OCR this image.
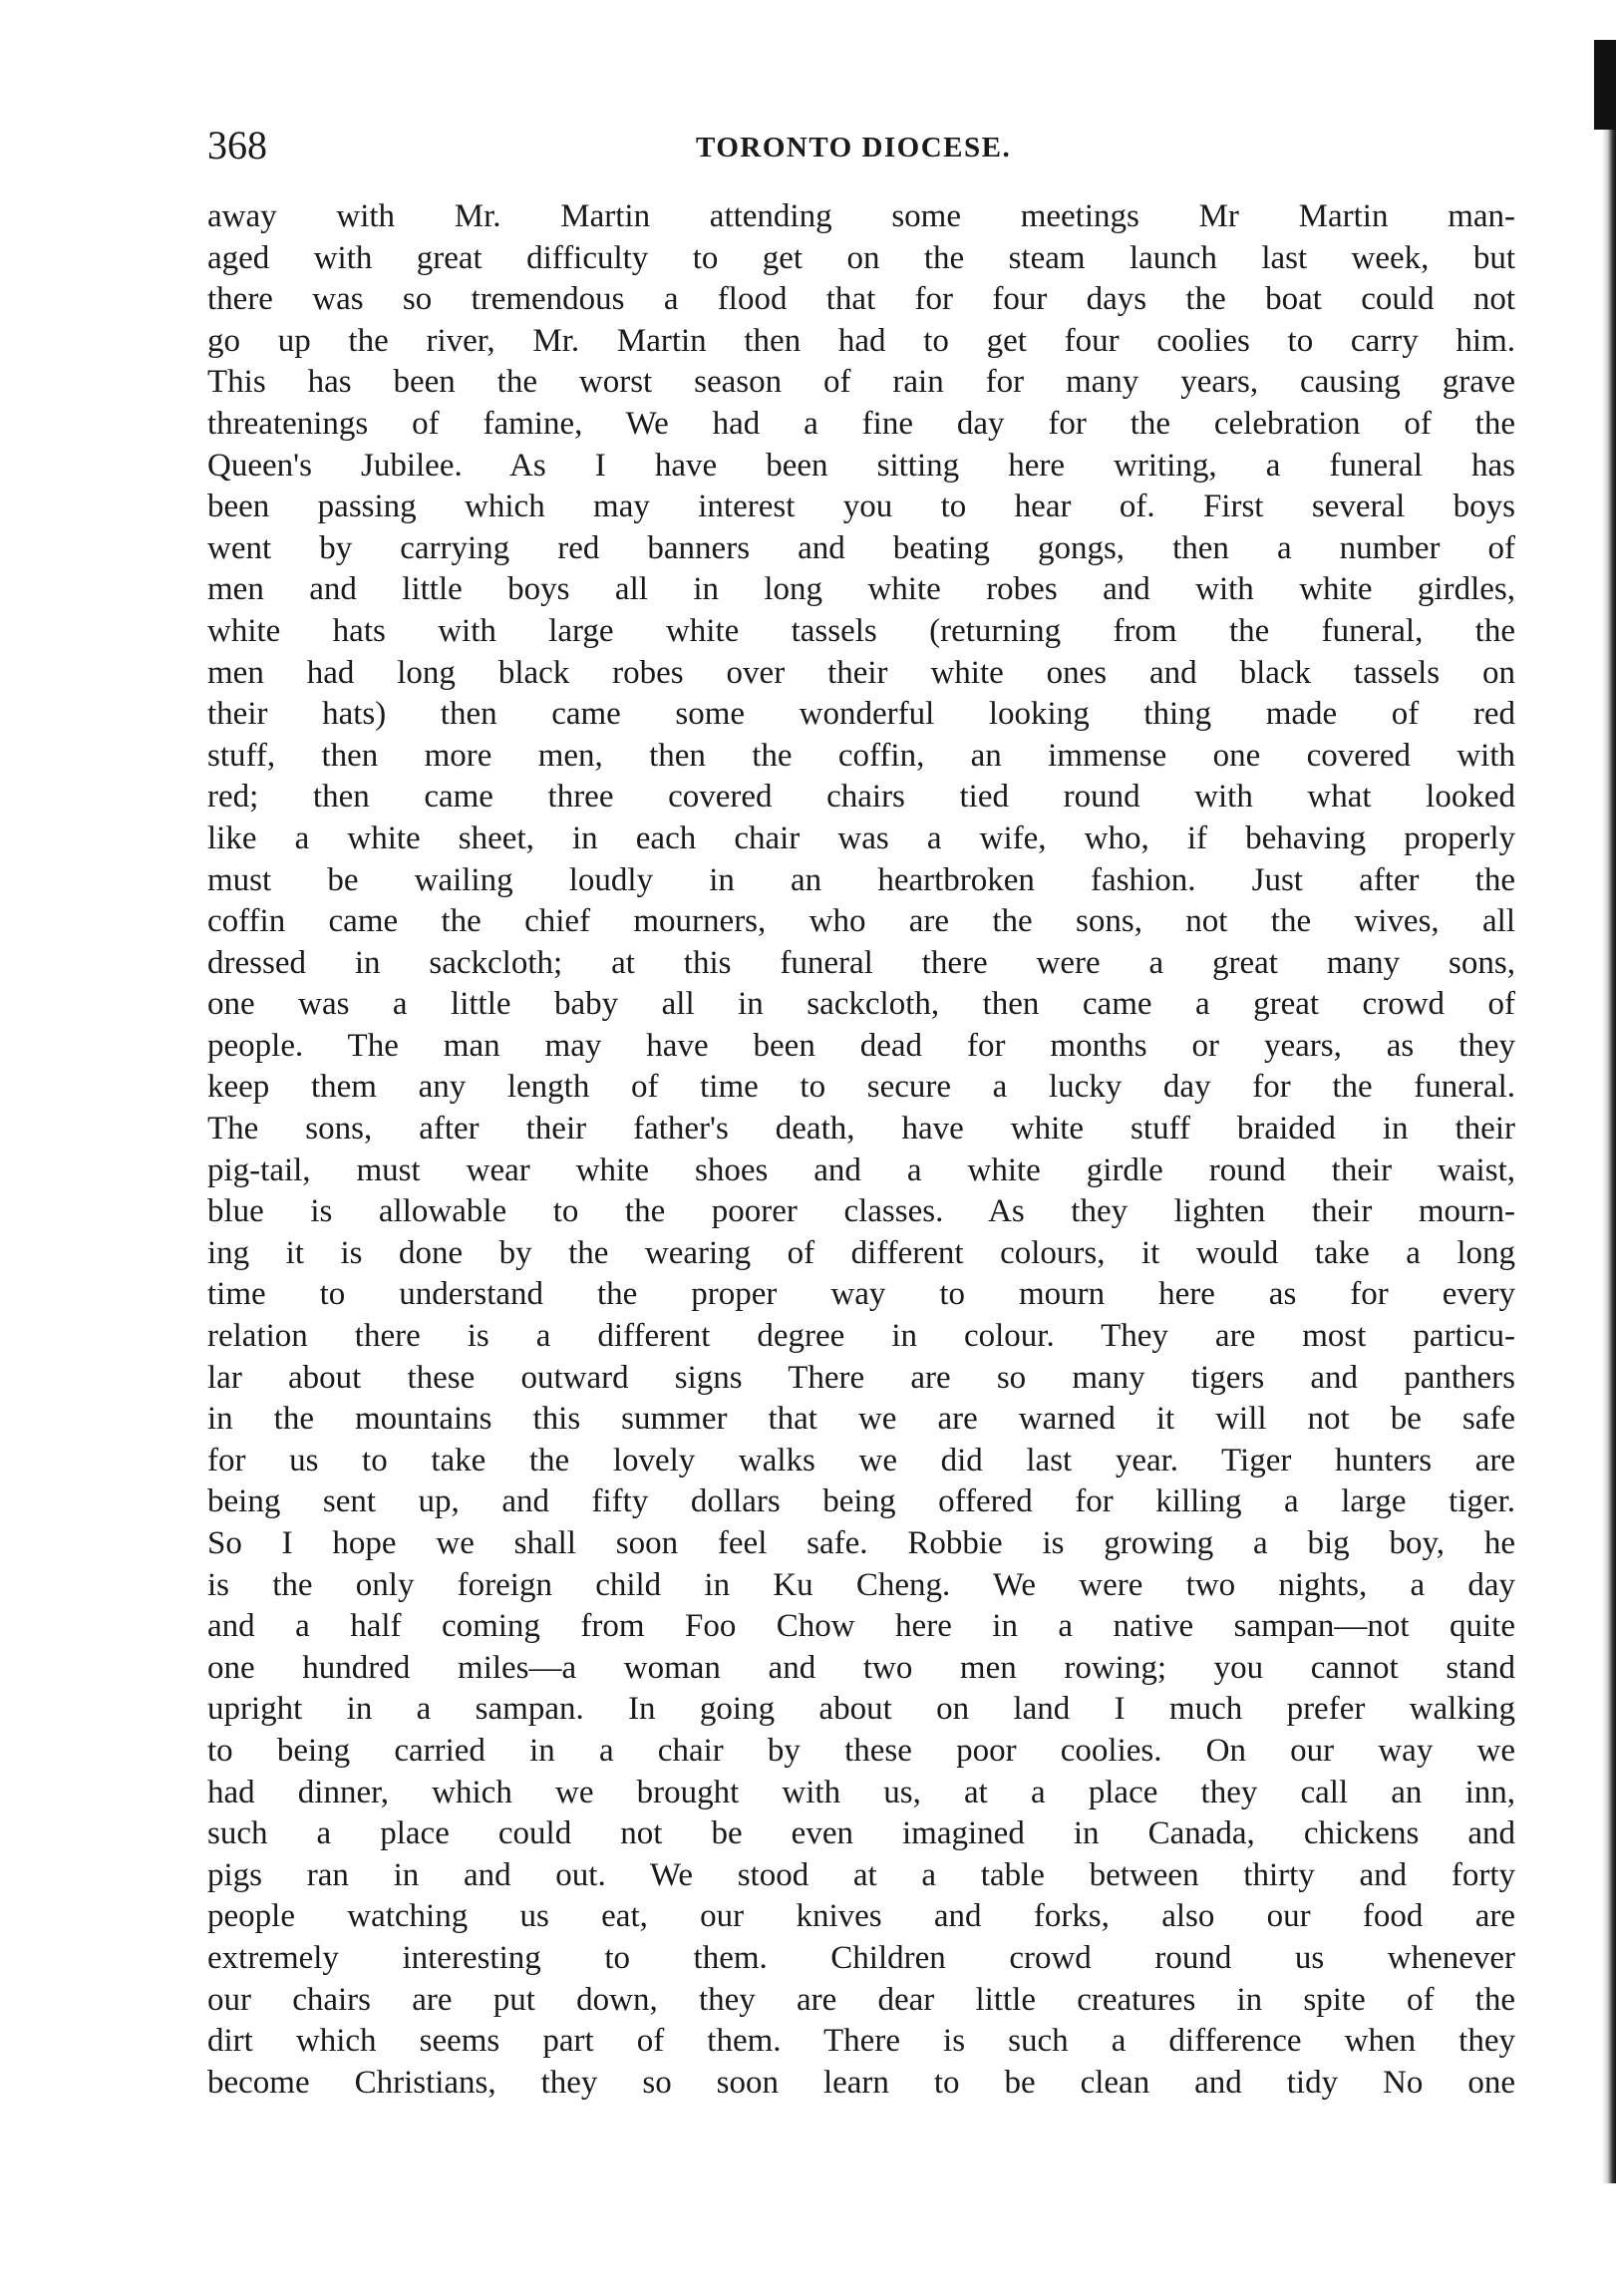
368	TORONTO DIOCESE.
away with Mr. Martin attending some meetings Mr Martin man-
aged with great difficulty to get on the steam launch last week, but
there was so tremendous a flood that for four days the boat could not
go up the river, Mr. Martin then had to get four coolies to carry him.
This has been the worst season of rain for many years, causing grave
threatenings of famine, We had a fine day for the celebration of the
Queen's Jubilee. As I have been sitting here writing, a funeral has
been passing which may interest you to hear of. First several boys
went by carrying red banners and beating gongs, then a number of
men and little boys all in long white robes and with white girdles,
white hats with large white tassels (returning from the funeral, the
men had long black robes over their white ones and black tassels on
their hats) then came some wonderful looking thing made of red
stuff, then more men, then the coffin, an immense one covered with
red; then came three covered chairs tied round with what looked
like a white sheet, in each chair was a wife, who, if behaving properly
must be wailing loudly in an heartbroken fashion. Just after the
coffin came the chief mourners, who are the sons, not the wives, all
dressed in sackcloth; at this funeral there were a great many sons,
one was a little baby all in sackcloth, then came a great crowd of
people. The man may have been dead for months or years, as they
keep them any length of time to secure a lucky day for the funeral.
The sons, after their father's death, have white stuff braided in their
pig-tail, must wear white shoes and a white girdle round their waist,
blue is allowable to the poorer classes. As they lighten their mourn-
ing it is done by the wearing of different colours, it would take a long
time to understand the proper way to mourn here as for every
relation there is a different degree in colour. They are most particu-
lar about these outward signs There are so many tigers and panthers
in the mountains this summer that we are warned it will not be safe
for us to take the lovely walks we did last year. Tiger hunters are
being sent up, and fifty dollars being offered for killing a large tiger.
So I hope we shall soon feel safe. Robbie is growing a big boy, he
is the only foreign child in Ku Cheng. We were two nights, a day
and a half coming from Foo Chow here in a native sampan—not quite
one hundred miles—a woman and two men rowing; you cannot stand
upright in a sampan. In going about on land I much prefer walking
to being carried in a chair by these poor coolies. On our way we
had dinner, which we brought with us, at a place they call an inn,
such a place could not be even imagined in Canada, chickens and
pigs ran in and out. We stood at a table between thirty and forty
people watching us eat, our knives and forks, also our food are
extremely interesting to them. Children crowd round us whenever
our chairs are put down, they are dear little creatures in spite of the
dirt which seems part of them. There is such a difference when they
become Christians, they so soon learn to be clean and tidy No one
